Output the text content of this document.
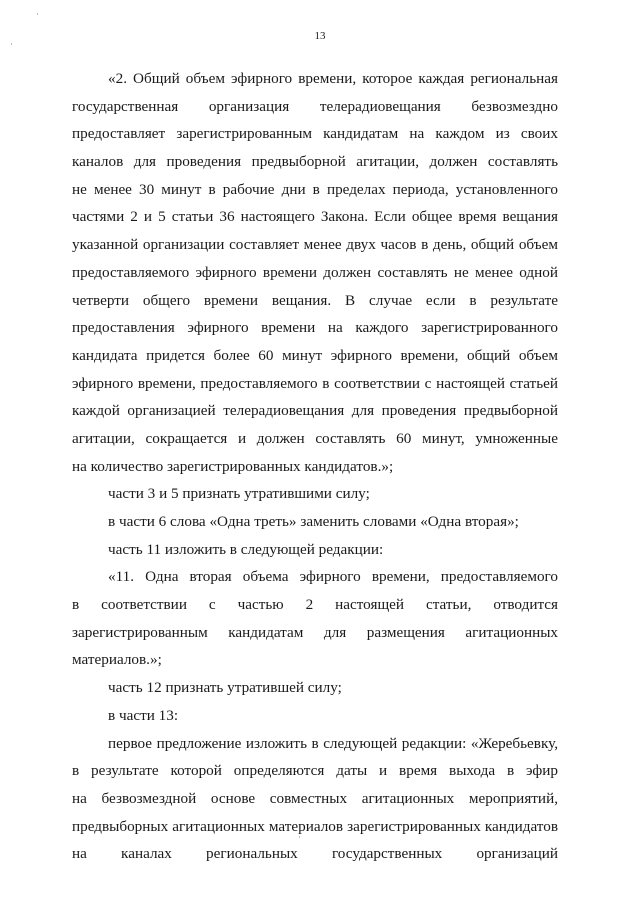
·
·
·
13
«2. Общий объем эфирного времени, которое каждая региональная
государственная организация телерадиовещания безвозмездно
предоставляет зарегистрированным кандидатам на каждом из своих
каналов для проведения предвыборной агитации, должен составлять
не менее 30 минут в рабочие дни в пределах периода, установленного
частями 2 и 5 статьи 36 настоящего Закона. Если общее время вещания
указанной организации составляет менее двух часов в день, общий объем
предоставляемого эфирного времени должен составлять не менее одной
четверти общего времени вещания. В случае если в результате
предоставления эфирного времени на каждого зарегистрированного
кандидата придется более 60 минут эфирного времени, общий объем
эфирного времени, предоставляемого в соответствии с настоящей статьей
каждой организацией телерадиовещания для проведения предвыборной
агитации, сокращается и должен составлять 60 минут, умноженные
на количество зарегистрированных кандидатов.»;
части 3 и 5 признать утратившими силу;
в части 6 слова «Одна треть» заменить словами «Одна вторая»;
часть 11 изложить в следующей редакции:
«11. Одна вторая объема эфирного времени, предоставляемого
в соответствии с частью 2 настоящей статьи, отводится
зарегистрированным кандидатам для размещения агитационных
материалов.»;
часть 12 признать утратившей силу;
в части 13:
первое предложение изложить в следующей редакции: «Жеребьевку,
в результате которой определяются даты и время выхода в эфир
на безвозмездной основе совместных агитационных мероприятий,
предвыборных агитационных материалов зарегистрированных кандидатов
на каналах региональных государственных организаций
